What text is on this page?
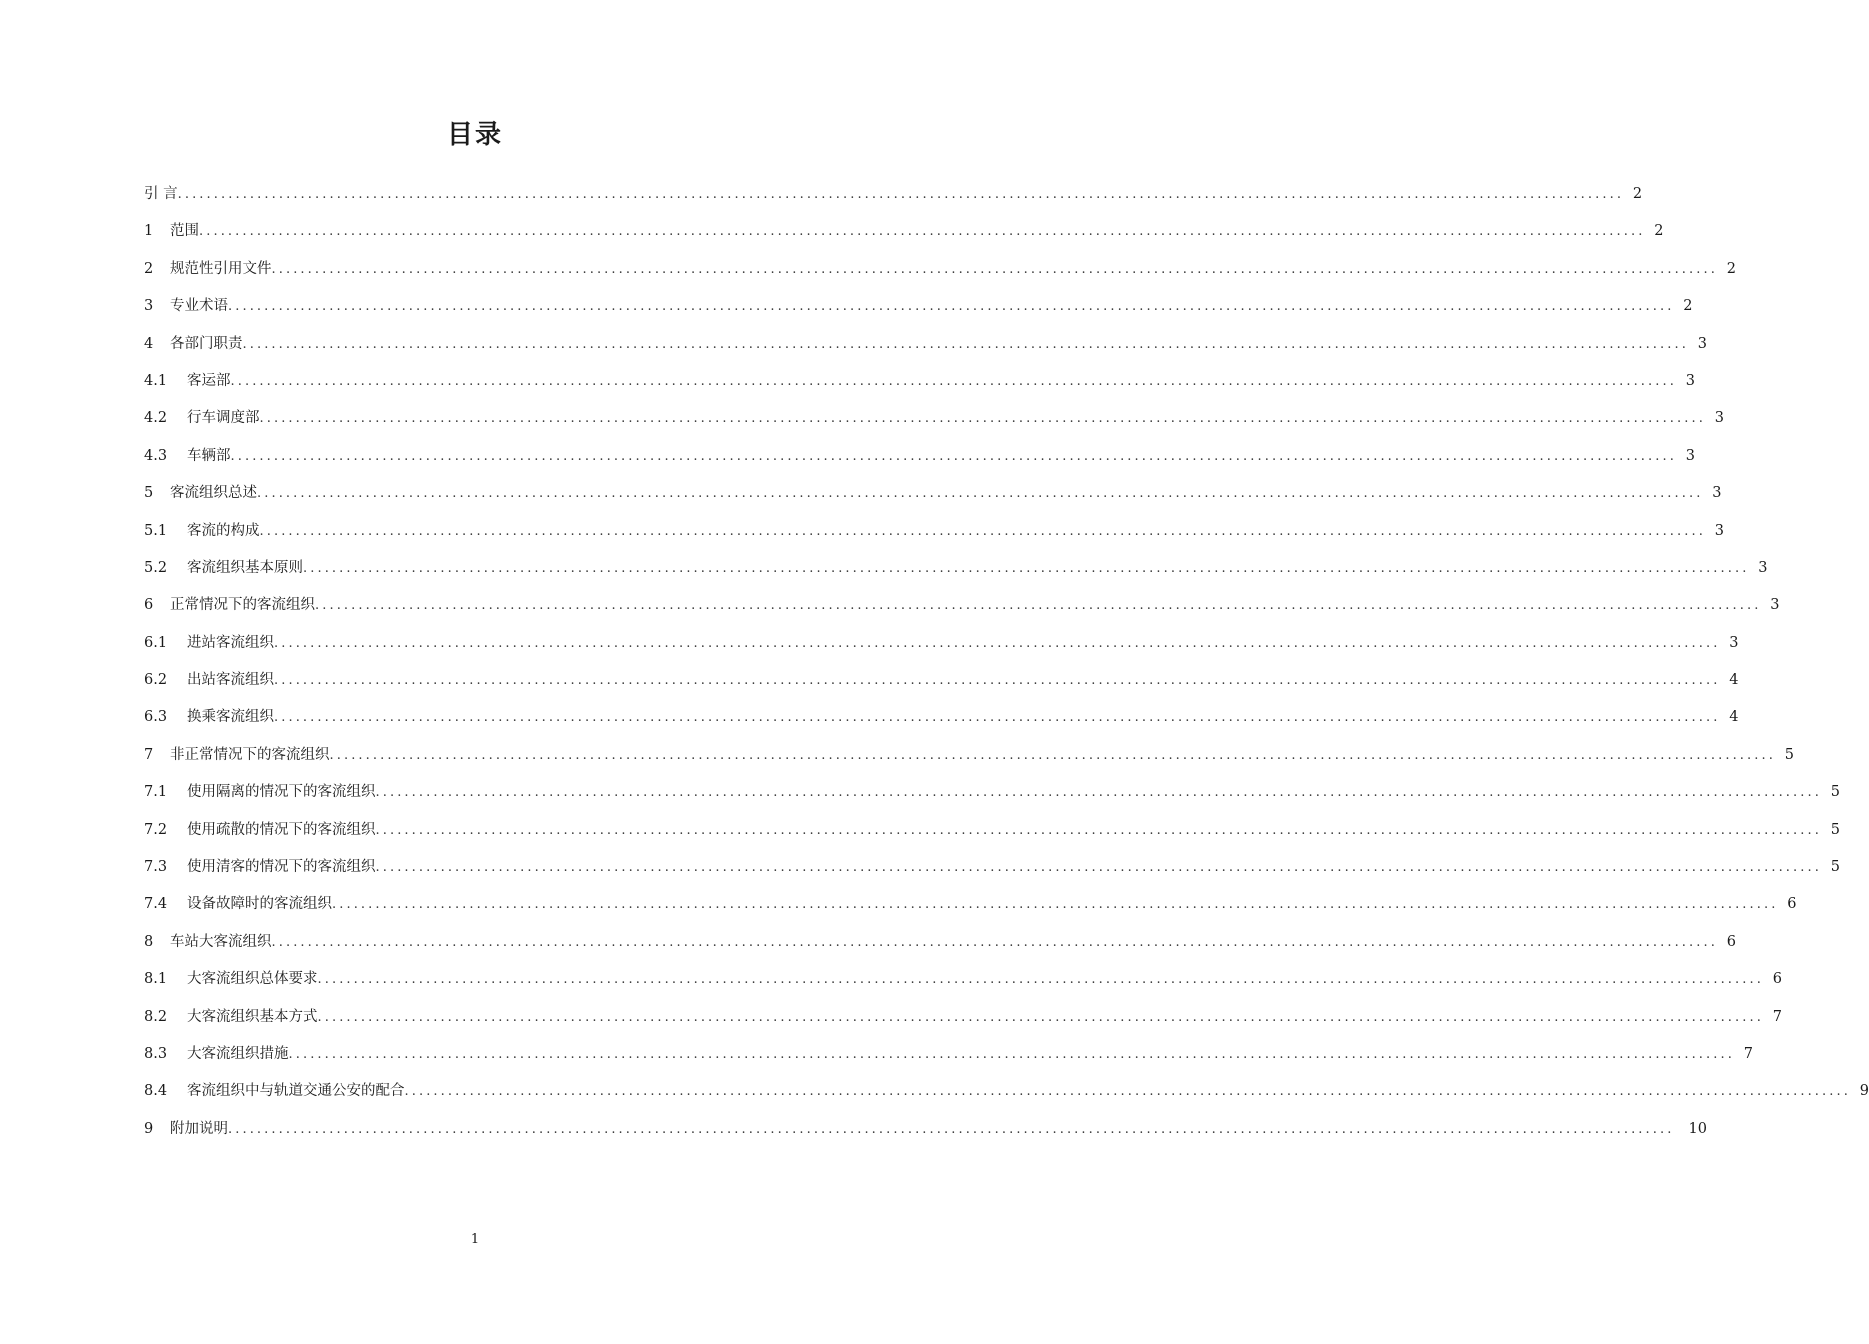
目录
引 言 ........................................................................................................................................................................................................ 2
1	范围 ........................................................................................................................................................................................................ 2
2	规范性引用文件 ........................................................................................................................................................................................................ 2
3	专业术语 ........................................................................................................................................................................................................ 2
4	各部门职责 ........................................................................................................................................................................................................ 3
4.1	客运部 ........................................................................................................................................................................................................ 3
4.2	行车调度部 ........................................................................................................................................................................................................ 3
4.3	车辆部 ........................................................................................................................................................................................................ 3
5	客流组织总述 ........................................................................................................................................................................................................ 3
5.1	客流的构成 ........................................................................................................................................................................................................ 3
5.2	客流组织基本原则 ........................................................................................................................................................................................................ 3
6	正常情况下的客流组织 ........................................................................................................................................................................................................ 3
6.1	进站客流组织 ........................................................................................................................................................................................................ 3
6.2	出站客流组织 ........................................................................................................................................................................................................ 4
6.3	换乘客流组织 ........................................................................................................................................................................................................ 4
7	非正常情况下的客流组织 ........................................................................................................................................................................................................ 5
7.1	使用隔离的情况下的客流组织 ........................................................................................................................................................................................................ 5
7.2	使用疏散的情况下的客流组织 ........................................................................................................................................................................................................ 5
7.3	使用清客的情况下的客流组织 ........................................................................................................................................................................................................ 5
7.4	设备故障时的客流组织 ........................................................................................................................................................................................................ 6
8	车站大客流组织 ........................................................................................................................................................................................................ 6
8.1	大客流组织总体要求 ........................................................................................................................................................................................................ 6
8.2	大客流组织基本方式 ........................................................................................................................................................................................................ 7
8.3	大客流组织措施 ........................................................................................................................................................................................................ 7
8.4	客流组织中与轨道交通公安的配合 ........................................................................................................................................................................................................ 9
9	附加说明 ........................................................................................................................................................................................................ 10
1
